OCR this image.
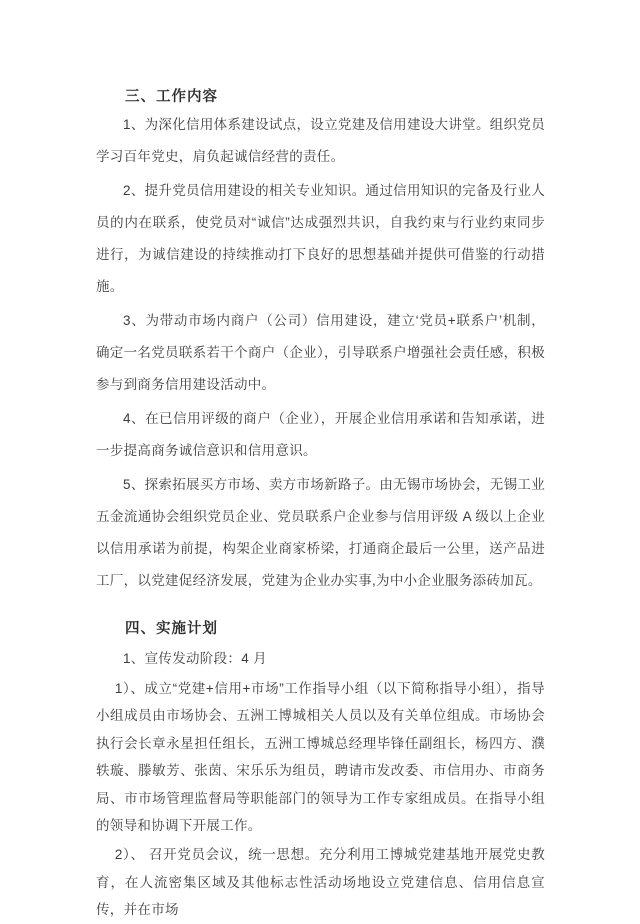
三、工作内容

1、为深化信用体系建设试点，设立党建及信用建设大讲堂。组织党员学习百年党史，肩负起诚信经营的责任。

2、提升党员信用建设的相关专业知识。通过信用知识的完备及行业人员的内在联系，使党员对“诚信”达成强烈共识，自我约束与行业约束同步进行，为诚信建设的持续推动打下良好的思想基础并提供可借鉴的行动措施。

3、为带动市场内商户（公司）信用建设，建立‘党员+联系户’机制，确定一名党员联系若干个商户（企业），引导联系户增强社会责任感，积极参与到商务信用建设活动中。

4、在已信用评级的商户（企业），开展企业信用承诺和告知承诺，进一步提高商务诚信意识和信用意识。

5、探索拓展买方市场、卖方市场新路子。由无锡市场协会，无锡工业五金流通协会组织党员企业、党员联系户企业参与信用评级 A 级以上企业以信用承诺为前提，构架企业商家桥梁，打通商企最后一公里，送产品进工厂，以党建促经济发展，党建为企业办实事,为中小企业服务添砖加瓦。

四、实施计划

1、宣传发动阶段：4 月

1）、成立“党建+信用+市场”工作指导小组（以下简称指导小组），指导小组成员由市场协会、五洲工博城相关人员以及有关单位组成。市场协会执行会长章永星担任组长，五洲工博城总经理毕锋任副组长，杨四方、濮轶璇、滕敏芳、张茵、宋乐乐为组员，聘请市发改委、市信用办、市商务局、市市场管理监督局等职能部门的领导为工作专家组成员。在指导小组的领导和协调下开展工作。

2）、 召开党员会议，统一思想。充分利用工博城党建基地开展党史教育，在人流密集区域及其他标志性活动场地设立党建信息、信用信息宣传，并在市场
